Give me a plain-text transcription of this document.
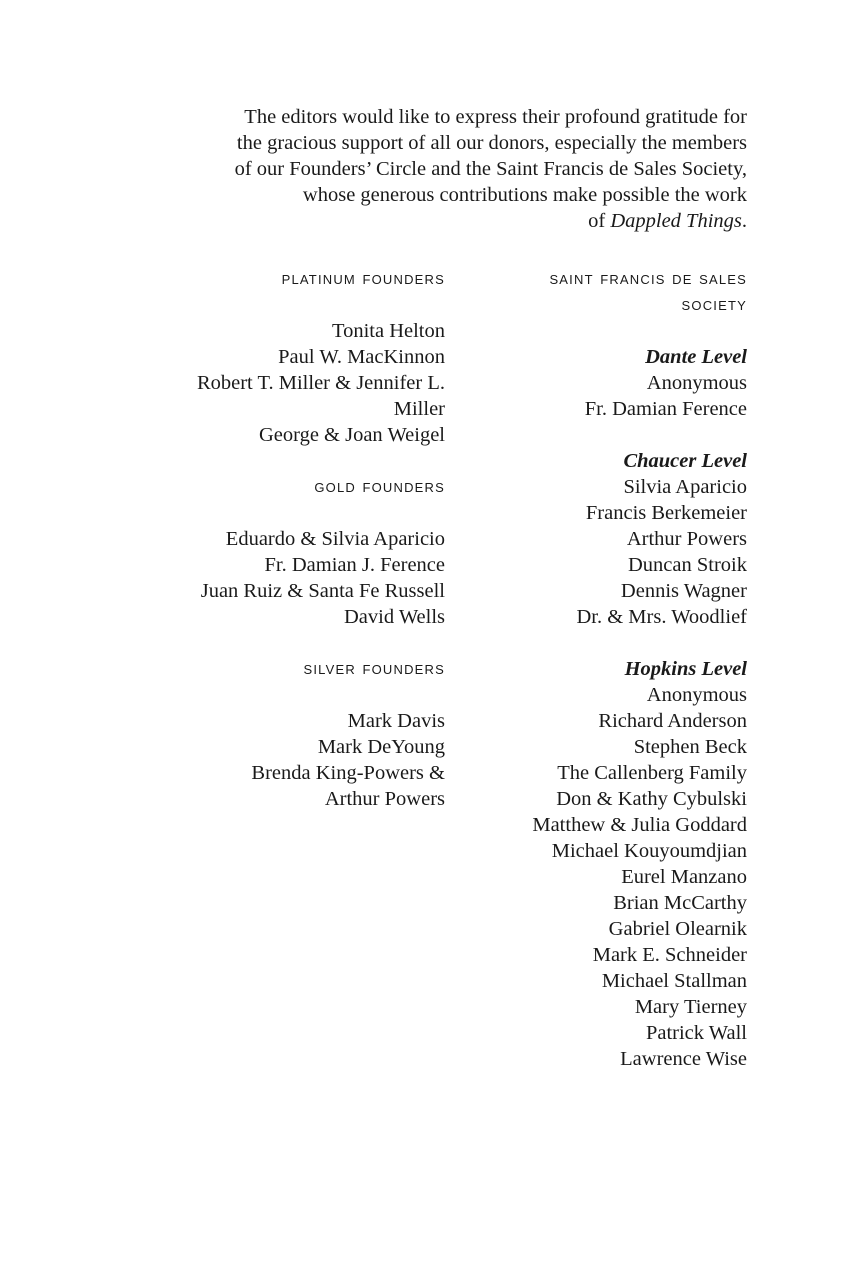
The editors would like to express their profound gratitude for
the gracious support of all our donors, especially the members
of our Founders’ Circle and the Saint Francis de Sales Society,
whose generous contributions make possible the work
of Dappled Things.
platinum founders
Tonita Helton
Paul W. MacKinnon
Robert T. Miller & Jennifer L.
Miller
George & Joan Weigel
gold founders
Eduardo & Silvia Aparicio
Fr. Damian J. Ference
Juan Ruiz & Santa Fe Russell
David Wells
silver founders
Mark Davis
Mark DeYoung
Brenda King-Powers &
Arthur Powers
saint francis de sales
society
Dante Level
Anonymous
Fr. Damian Ference
Chaucer Level
Silvia Aparicio
Francis Berkemeier
Arthur Powers
Duncan Stroik
Dennis Wagner
Dr. & Mrs. Woodlief
Hopkins Level
Anonymous
Richard Anderson
Stephen Beck
The Callenberg Family
Don & Kathy Cybulski
Matthew & Julia Goddard
Michael Kouyoumdjian
Eurel Manzano
Brian McCarthy
Gabriel Olearnik
Mark E. Schneider
Michael Stallman
Mary Tierney
Patrick Wall
Lawrence Wise
